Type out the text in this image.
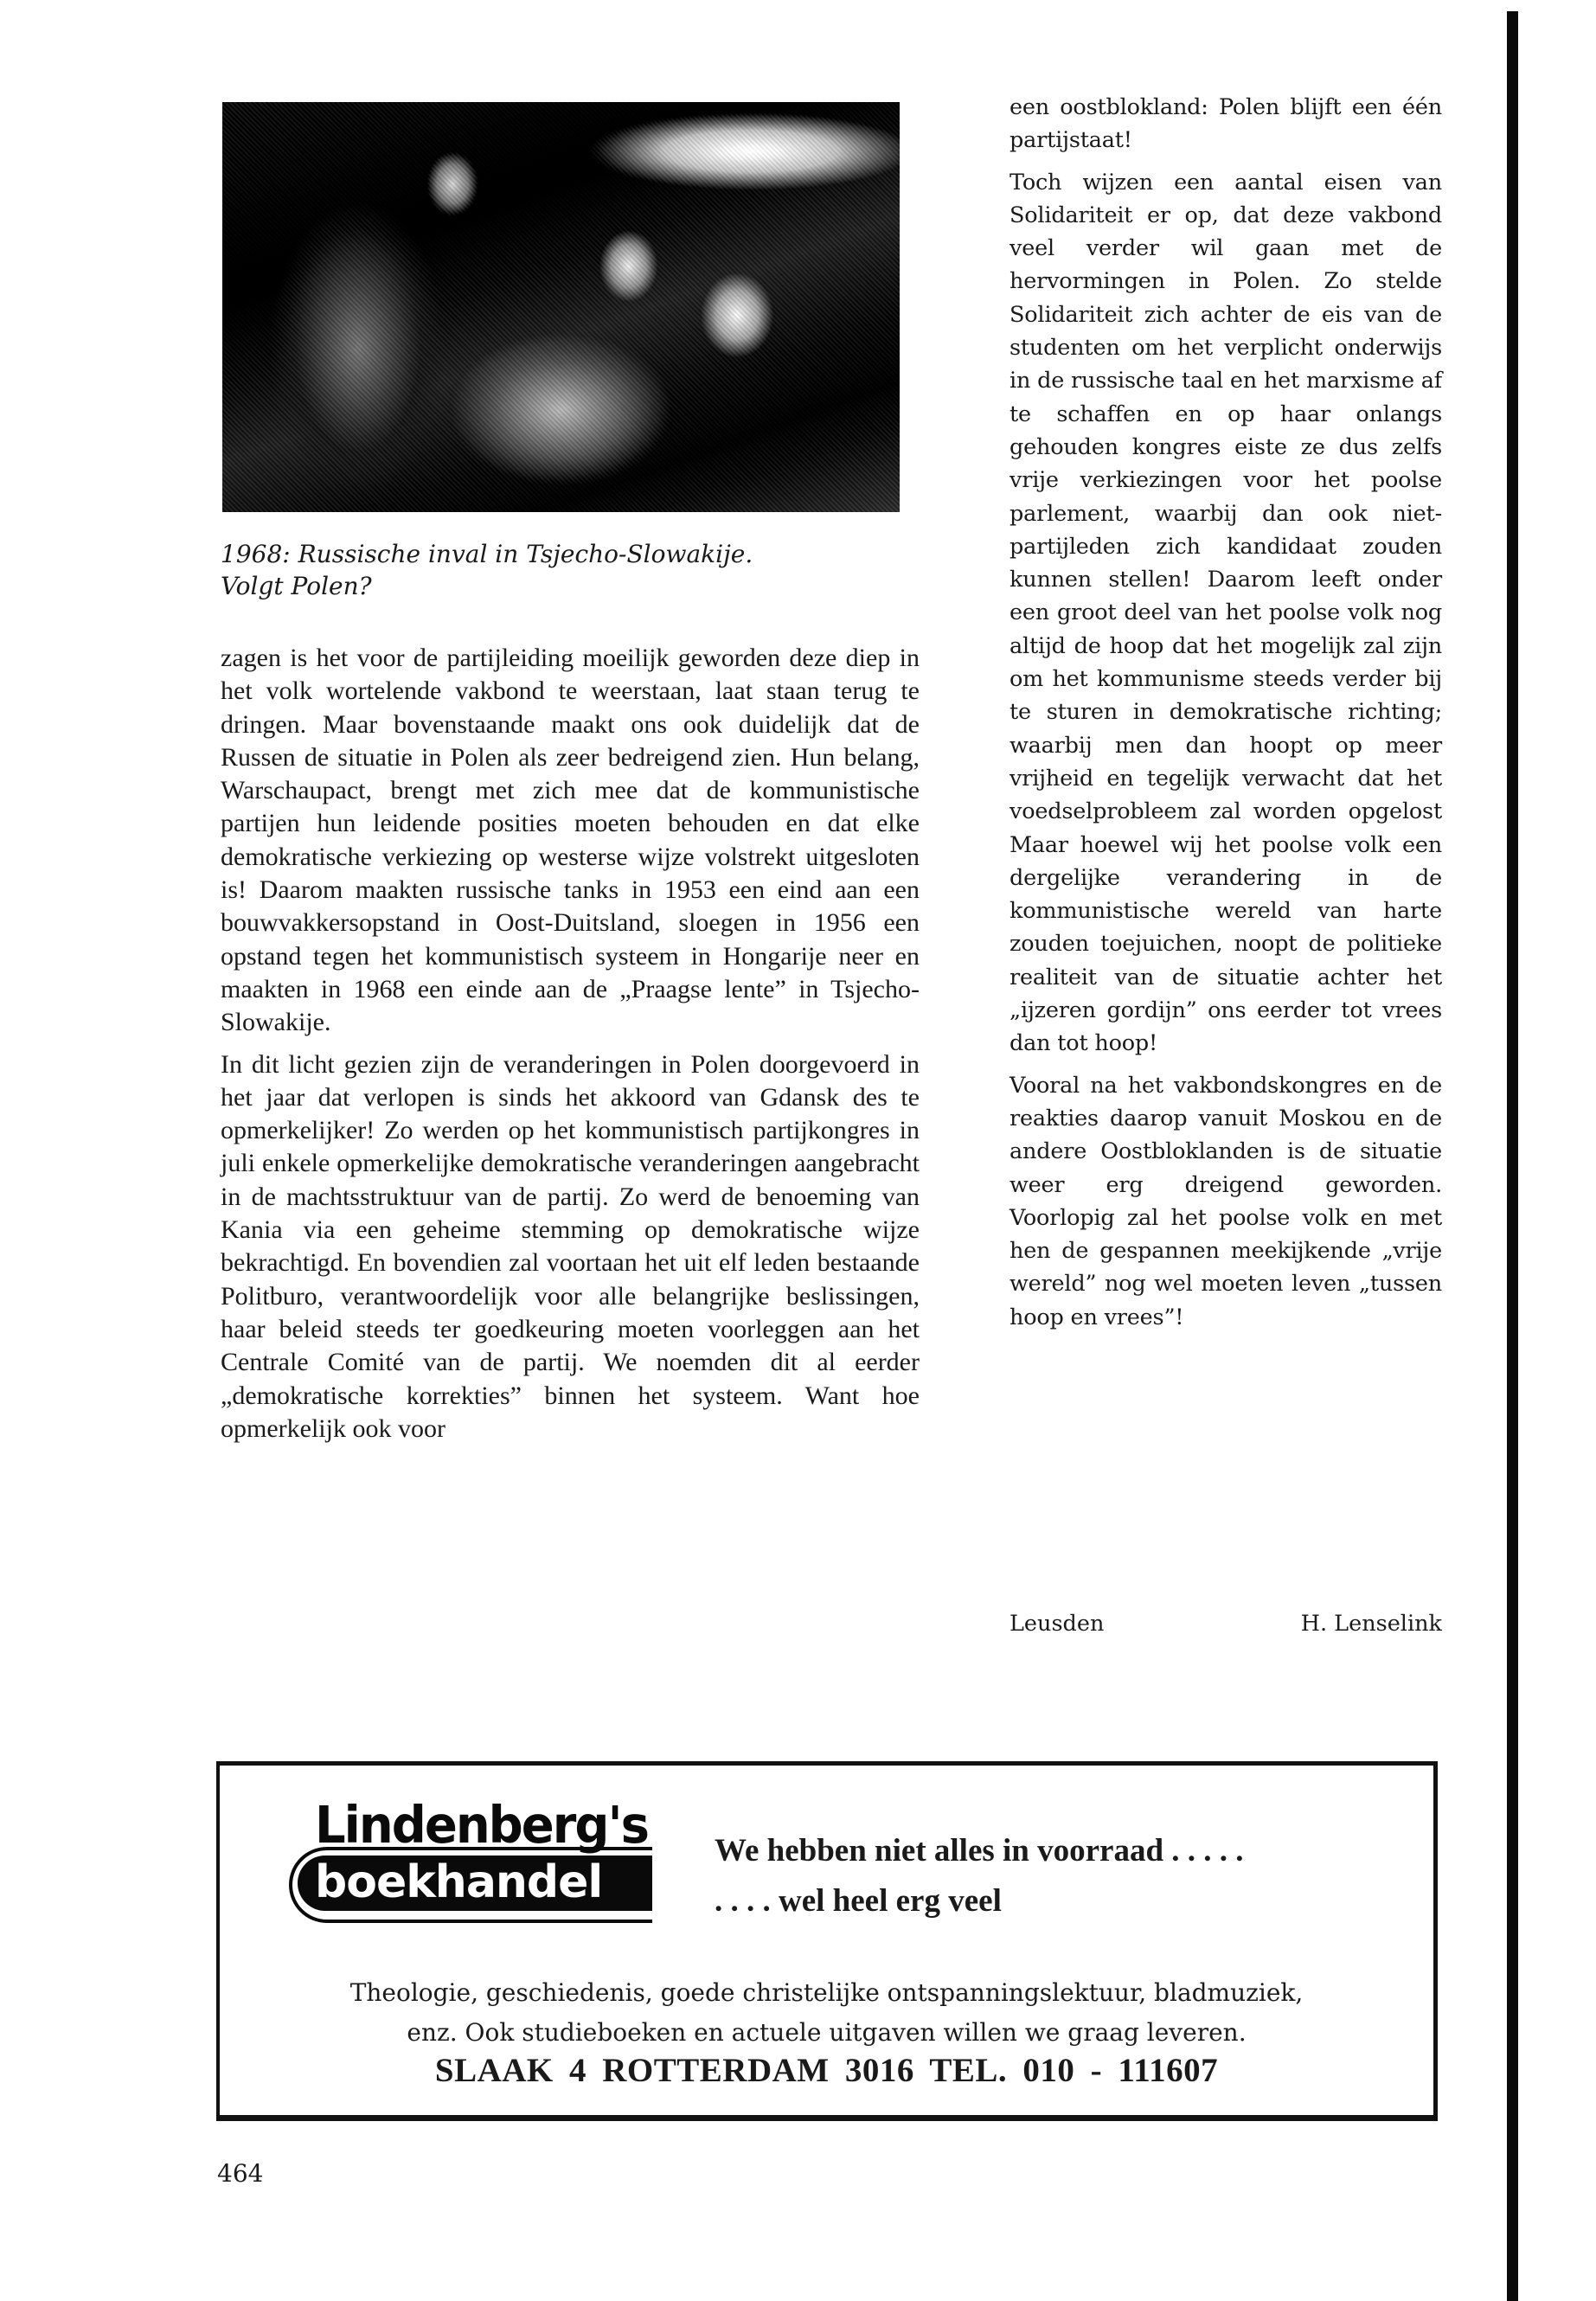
1968: Russische inval in Tsjecho-Slowakije.
Volgt Polen?

zagen is het voor de partijleiding moeilijk geworden deze diep in het volk wortelende vakbond te weerstaan, laat staan terug te dringen. Maar bovenstaande maakt ons ook duidelijk dat de Russen de situatie in Polen als zeer bedreigend zien. Hun belang, Warschaupact, brengt met zich mee dat de kommunistische partijen hun leidende posities moeten behouden en dat elke demokratische verkiezing op westerse wijze volstrekt uitgesloten is! Daarom maakten russische tanks in 1953 een eind aan een bouwvakkersopstand in Oost-Duitsland, sloegen in 1956 een opstand tegen het kommunistisch systeem in Hongarije neer en maakten in 1968 een einde aan de „Praagse lente” in Tsjecho-Slowakije.

In dit licht gezien zijn de veranderingen in Polen doorgevoerd in het jaar dat verlopen is sinds het akkoord van Gdansk des te opmerkelijker! Zo werden op het kommunistisch partijkongres in juli enkele opmerkelijke demokratische veranderingen aangebracht in de machtsstruktuur van de partij. Zo werd de benoeming van Kania via een geheime stemming op demokratische wijze bekrachtigd. En bovendien zal voortaan het uit elf leden bestaande Politburo, verantwoordelijk voor alle belangrijke beslissingen, haar beleid steeds ter goedkeuring moeten voorleggen aan het Centrale Comité van de partij. We noemden dit al eerder „demokratische korrekties” binnen het systeem. Want hoe opmerkelijk ook voor

een oostblokland: Polen blijft een één partijstaat!

Toch wijzen een aantal eisen van Solidariteit er op, dat deze vakbond veel verder wil gaan met de hervormingen in Polen. Zo stelde Solidariteit zich achter de eis van de studenten om het verplicht onderwijs in de russische taal en het marxisme af te schaffen en op haar onlangs gehouden kongres eiste ze dus zelfs vrije verkiezingen voor het poolse parlement, waarbij dan ook niet-partijleden zich kandidaat zouden kunnen stellen! Daarom leeft onder een groot deel van het poolse volk nog altijd de hoop dat het mogelijk zal zijn om het kommunisme steeds verder bij te sturen in demokratische richting; waarbij men dan hoopt op meer vrijheid en tegelijk verwacht dat het voedselprobleem zal worden opgelost Maar hoewel wij het poolse volk een dergelijke verandering in de kommunistische wereld van harte zouden toejuichen, noopt de politieke realiteit van de situatie achter het „ijzeren gordijn” ons eerder tot vrees dan tot hoop!

Vooral na het vakbondskongres en de reakties daarop vanuit Moskou en de andere Oostbloklanden is de situatie weer erg dreigend geworden. Voorlopig zal het poolse volk en met hen de gespannen meekijkende „vrije wereld” nog wel moeten leven „tussen hoop en vrees”!

Leusden	H. Lenselink
Lindenberg's
boekhandel
We hebben niet alles in voorraad . . . . .
. . . . wel heel erg veel
Theologie, geschiedenis, goede christelijke ontspanningslektuur, bladmuziek,
enz. Ook studieboeken en actuele uitgaven willen we graag leveren.
SLAAK 4 ROTTERDAM 3016 TEL. 010 - 111607
464
